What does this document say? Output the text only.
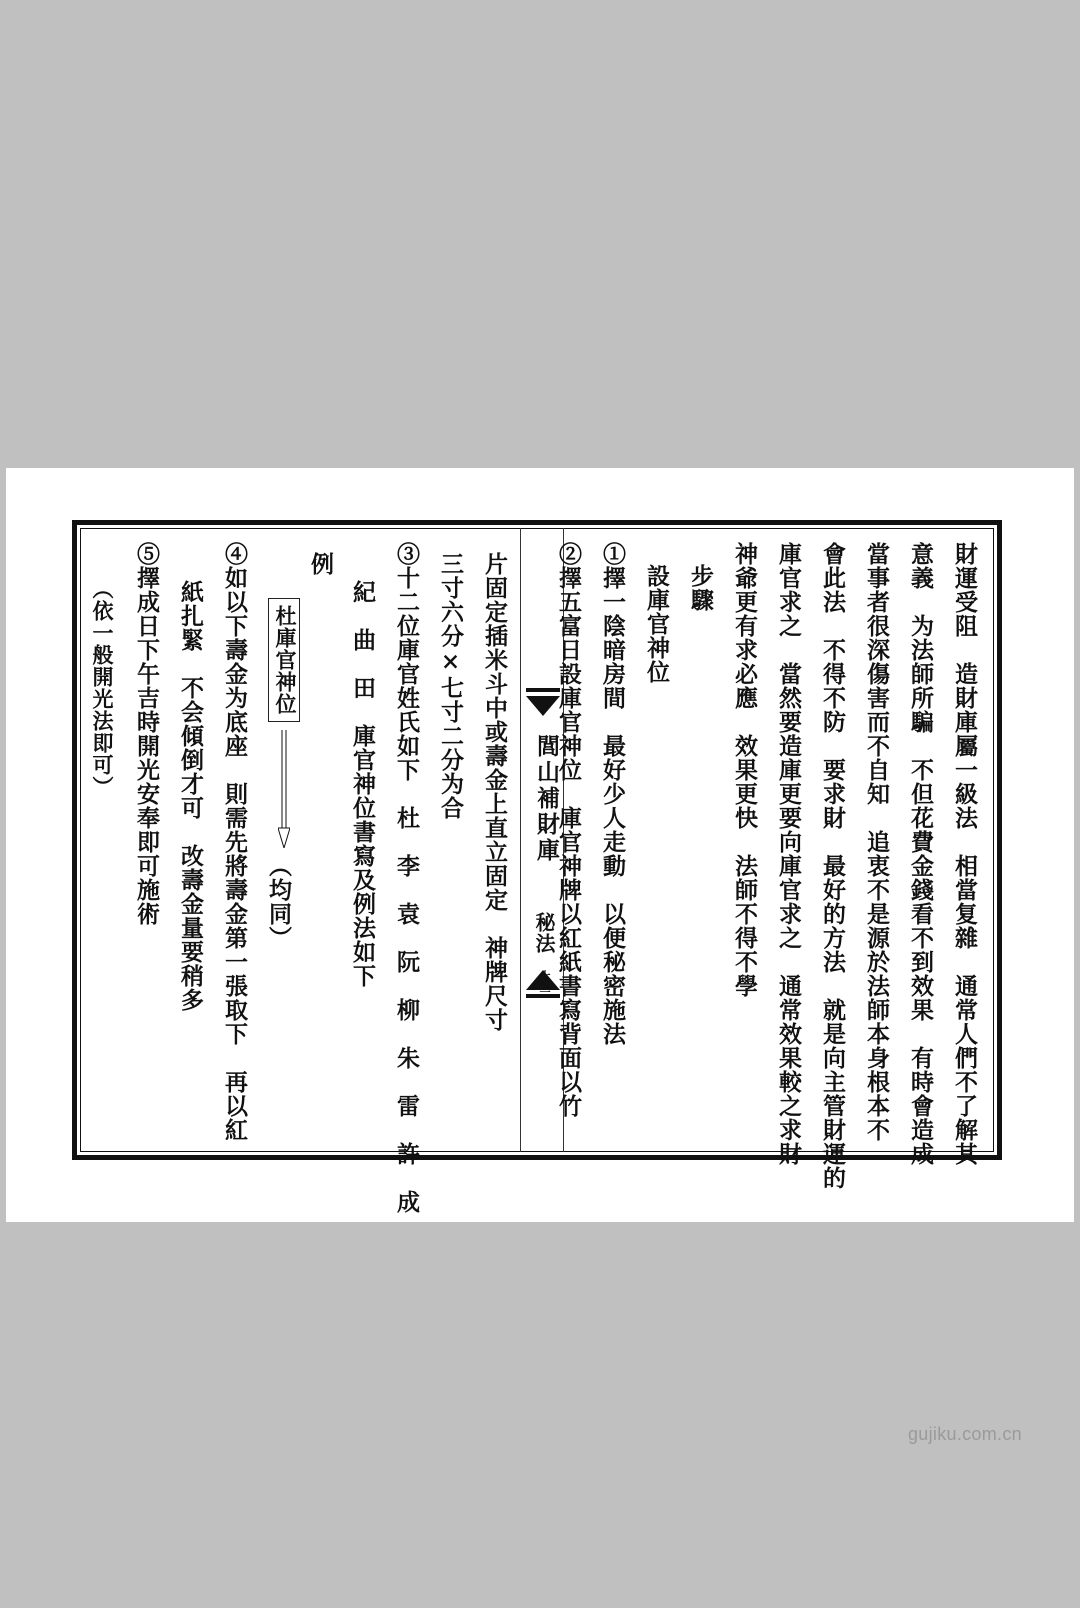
閭山補財庫
秘法
十三	財運受阻　造財庫屬一級法　相當复雜　通常人們不了解其
意義　为法師所騙　不但花費金錢看不到效果　有時會造成
當事者很深傷害而不自知　追衷不是源於法師本身根本不
會此法　不得不防　要求財　最好的方法　就是向主管財運的
庫官求之　當然要造庫更要向庫官求之　通常效果較之求財
神爺更有求必應　效果更快　法師不得不學
步驟
設庫官神位
①擇一陰暗房間　最好少人走動　以便秘密施法
②擇五富日設庫官神位　庫官神牌以紅紙書寫背面以竹
片固定插米斗中或壽金上直立固定　神牌尺寸
三寸六分×七寸二分为合
③十二位庫官姓氏如下　杜　李　袁　阮　柳　朱　雷　許　成
紀　曲　田　庫官神位書寫及例法如下
例
杜庫官神位
（均同）
④如以下壽金为底座　則需先將壽金第一張取下　再以紅
紙扎緊　不会傾倒才可　改壽金量要稍多
⑤擇成日下午吉時開光安奉即可施術
（依一般開光法即可）
gujiku.com.cn
